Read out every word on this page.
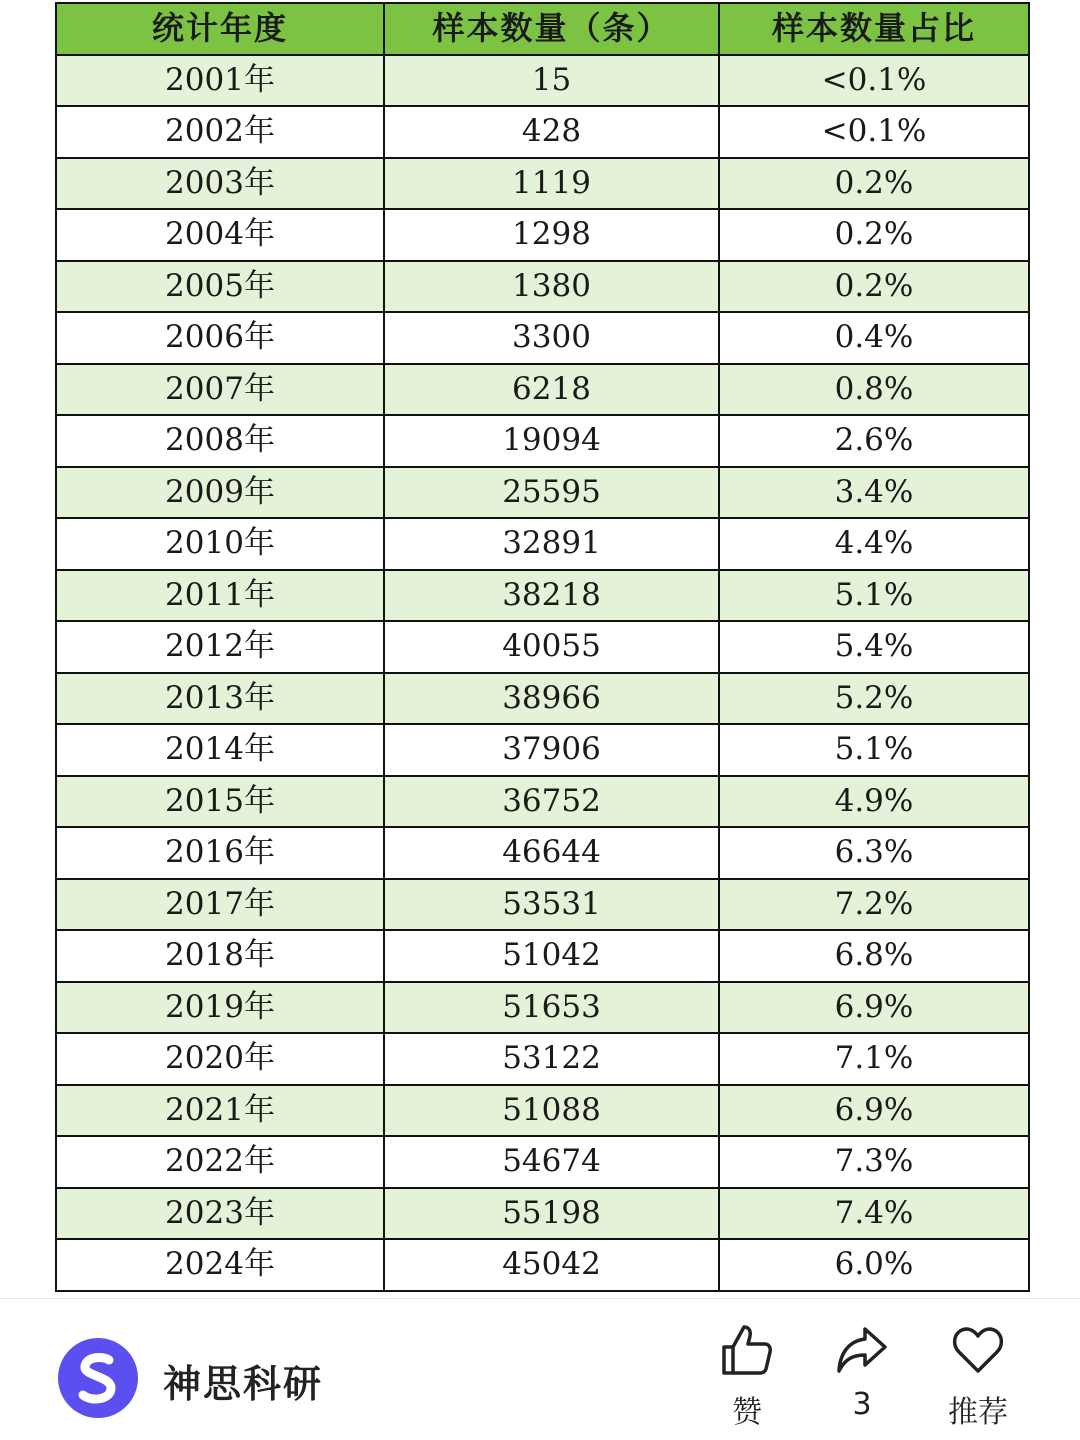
统计年度	样本数量（条）	样本数量占比
2001年	15	<0.1%
2002年	428	<0.1%
2003年	1119	0.2%
2004年	1298	0.2%
2005年	1380	0.2%
2006年	3300	0.4%
2007年	6218	0.8%
2008年	19094	2.6%
2009年	25595	3.4%
2010年	32891	4.4%
2011年	38218	5.1%
2012年	40055	5.4%
2013年	38966	5.2%
2014年	37906	5.1%
2015年	36752	4.9%
2016年	46644	6.3%
2017年	53531	7.2%
2018年	51042	6.8%
2019年	51653	6.9%
2020年	53122	7.1%
2021年	51088	6.9%
2022年	54674	7.3%
2023年	55198	7.4%
2024年	45042	6.0%
神思科研
赞	3	推荐
